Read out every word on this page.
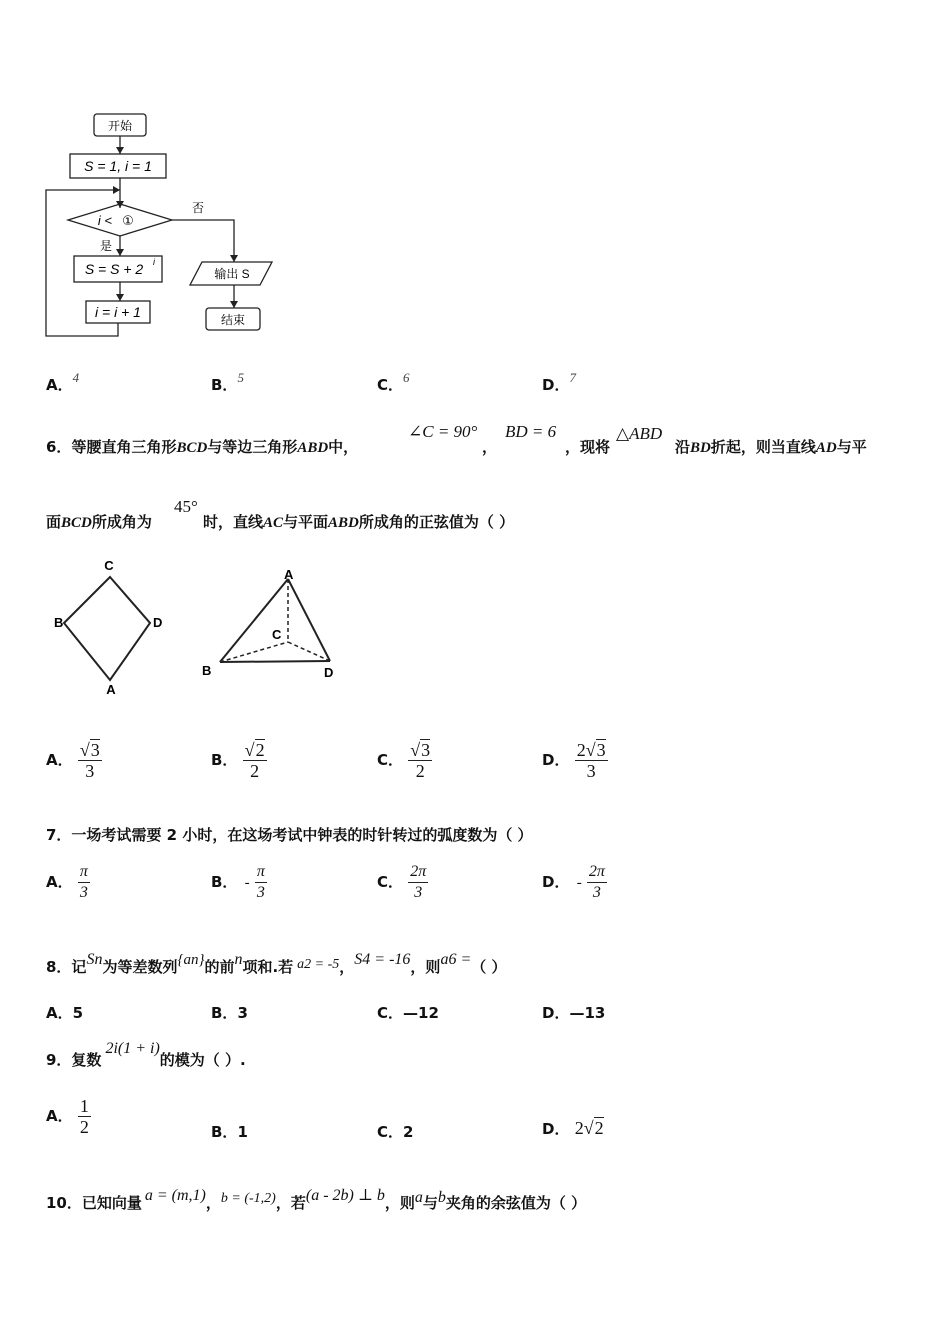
开始
S = 1, i = 1
i < ①
否
是
S = S + 2 i
i = i + 1
输出 S
结束
A．4	B．5	C．6	D．7
6．等腰直角三角形BCD与等边三角形ABD中，
∠C = 90°
，
BD = 6
，现将
△ABD
沿BD折起，则当直线AD与平
面BCD所成角为
45°
时，直线AC与平面ABD所成角的正弦值为（ ）
C
B	D
A
A
C
B	D
A． $\frac{√3}{3}$	B． $\frac{√2}{2}$	C． $\frac{√3}{2}$	D． $\frac{2√3}{3}$
7．一场考试需要 2 小时，在这场考试中钟表的时针转过的弧度数为（ ）
A． $\frac{\pi}{3}$	B． - $\frac{\pi}{3}$	C． $\frac{2\pi}{3}$	D． - $\frac{2\pi}{3}$
8．记Sn为等差数列{an}的前n项和.若 a2 = -5，S4 = -16，则a6 =（ ）
A．5	B．3	C．—12	D．—13
9．复数2i(1 + i)的模为（ ）.
A． $\frac{1}{2}$	B．1	C．2	D． 2√2
10．已知向量 a = (m,1)，b = (-1,2)，若(a - 2b) ⊥ b，则a与b夹角的余弦值为（ ）
